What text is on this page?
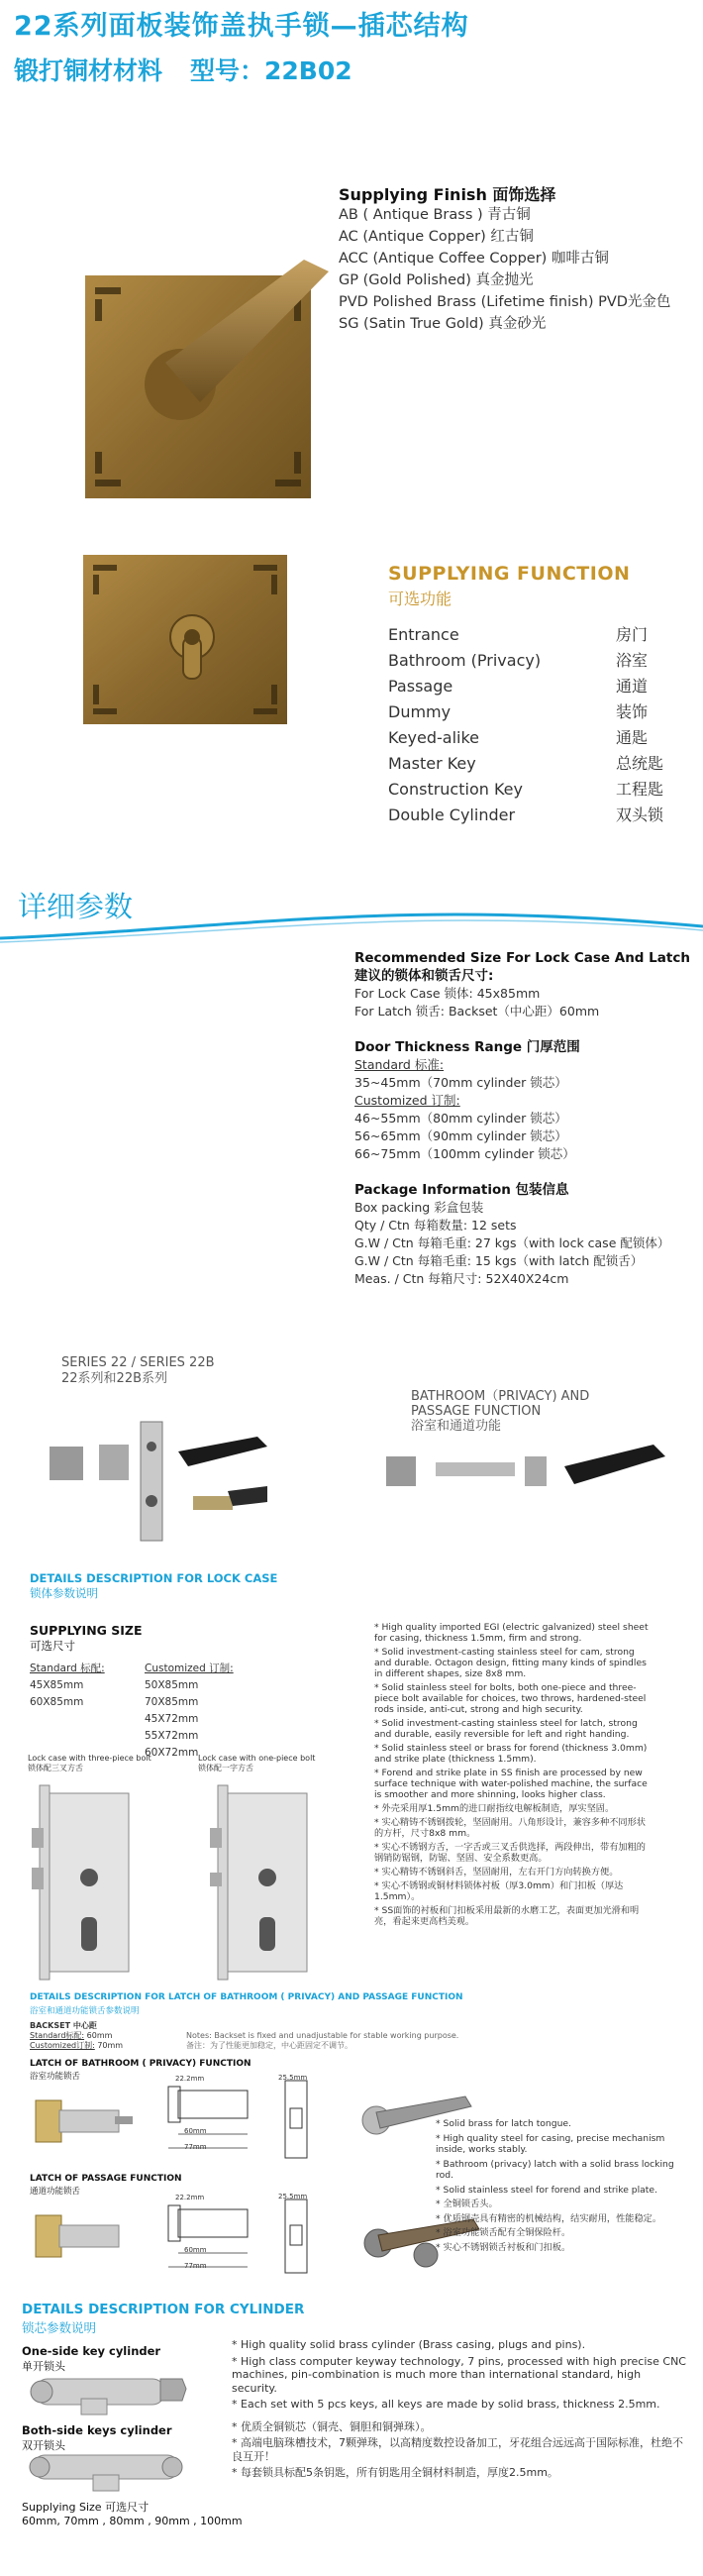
22系列面板装饰盖执手锁—插芯结构
锻打铜材材料 型号：22B02
Supplying Finish 面饰选择
AB ( Antique Brass ) 青古铜
AC (Antique Copper) 红古铜
ACC (Antique Coffee Copper) 咖啡古铜
GP (Gold Polished) 真金抛光
PVD Polished Brass (Lifetime finish) PVD光金色
SG (Satin True Gold) 真金砂光
SUPPLYING FUNCTION
可选功能
Entrance	房门
Bathroom (Privacy)	浴室
Passage	通道
Dummy	装饰
Keyed-alike	通匙
Master Key	总统匙
Construction Key	工程匙
Double Cylinder	双头锁
详细参数
Recommended Size For Lock Case And Latch
建议的锁体和锁舌尺寸:
For Lock Case 锁体: 45x85mm
For Latch 锁舌: Backset（中心距）60mm
Door Thickness Range 门厚范围
Standard 标准:
35~45mm（70mm cylinder 锁芯）
Customized 订制:
46~55mm（80mm cylinder 锁芯）
56~65mm（90mm cylinder 锁芯）
66~75mm（100mm cylinder 锁芯）
Package Information 包装信息
Box packing 彩盒包装
Qty / Ctn 每箱数量: 12 sets
G.W / Ctn 每箱毛重: 27 kgs（with lock case 配锁体）
G.W / Ctn 每箱毛重: 15 kgs（with latch 配锁舌）
Meas. / Ctn 每箱尺寸: 52X40X24cm
SERIES 22 / SERIES 22B
22系列和22B系列
BATHROOM（PRIVACY) AND
PASSAGE FUNCTION
浴室和通道功能
DETAILS DESCRIPTION FOR LOCK CASE
锁体参数说明
SUPPLYING SIZE
可选尺寸
Standard 标配:
45X85mm
60X85mm
Customized 订制:
50X85mm
70X85mm
45X72mm
55X72mm
60X72mm
Lock case with three-piece bolt
锁体配三叉方舌
Lock case with one-piece bolt
锁体配一字方舌
* High quality imported EGI (electric galvanized) steel sheet for casing, thickness 1.5mm, firm and strong.
* Solid investment-casting stainless steel for cam, strong and durable. Octagon design, fitting many kinds of spindles in different shapes, size 8x8 mm.
* Solid stainless steel for bolts, both one-piece and three-piece bolt available for choices, two throws, hardened-steel rods inside, anti-cut, strong and high security.
* Solid investment-casting stainless steel for latch, strong and durable, easily reversible for left and right handing.
* Solid stainless steel or brass for forend (thickness 3.0mm) and strike plate (thickness 1.5mm).
* Forend and strike plate in SS finish are processed by new surface technique with water-polished machine, the surface is smoother and more shinning, looks higher class.
* 外壳采用厚1.5mm的进口耐指纹电解板制造，厚实坚固。
* 实心精铸不锈钢拨轮，坚固耐用。八角形设计，兼容多种不同形状的方杆，尺寸8x8 mm。
* 实心不锈钢方舌，一字舌或三叉舌供选择，两段伸出，带有加粗的钢销防锯钢，防锯、坚固、安全系数更高。
* 实心精铸不锈钢斜舌，坚固耐用，左右开门方向转换方便。
* 实心不锈钢或铜材料锁体衬板（厚3.0mm）和门扣板（厚达1.5mm）。
* SS面饰的衬板和门扣板采用最新的水磨工艺，表面更加光滑和明亮，看起来更高档美观。
DETAILS DESCRIPTION FOR LATCH OF BATHROOM ( PRIVACY) AND PASSAGE FUNCTION
浴室和通道功能锁舌参数说明
BACKSET 中心距
Standard标配: 60mm
Customized订制: 70mm
Notes: Backset is fixed and unadjustable for stable working purpose.
备注：为了性能更加稳定，中心距固定不调节。
LATCH OF BATHROOM ( PRIVACY) FUNCTION
浴室功能锁舌	22.2mm
60mm
77mm
25.5mm
LATCH OF PASSAGE FUNCTION
通道功能锁舌
22.2mm
60mm
77mm
25.5mm
* Solid brass for latch tongue.
* High quality steel for casing, precise mechanism inside, works stably.
* Bathroom (privacy) latch with a solid brass locking rod.
* Solid stainless steel for forend and strike plate.
* 全铜锁舌头。
* 优质钢壳具有精密的机械结构，结实耐用，性能稳定。
* 浴室功能锁舌配有全铜保险杆。
* 实心不锈钢锁舌衬板和门扣板。
DETAILS DESCRIPTION FOR CYLINDER
锁芯参数说明
One-side key cylinder
单开锁头
Both-side keys cylinder
双开锁头
Supplying Size 可选尺寸
60mm, 70mm , 80mm , 90mm , 100mm
* High quality solid brass cylinder (Brass casing, plugs and pins).
* High class computer keyway technology, 7 pins, processed with high precise CNC machines, pin-combination is much more than international standard, high security.
* Each set with 5 pcs keys, all keys are made by solid brass, thickness 2.5mm.
* 优质全铜锁芯（铜壳、铜胆和铜弹珠）。
* 高端电脑珠槽技术，7颗弹珠，以高精度数控设备加工，牙花组合远远高于国际标准，杜绝不良互开！
* 每套锁具标配5条钥匙，所有钥匙用全铜材料制造，厚度2.5mm。
